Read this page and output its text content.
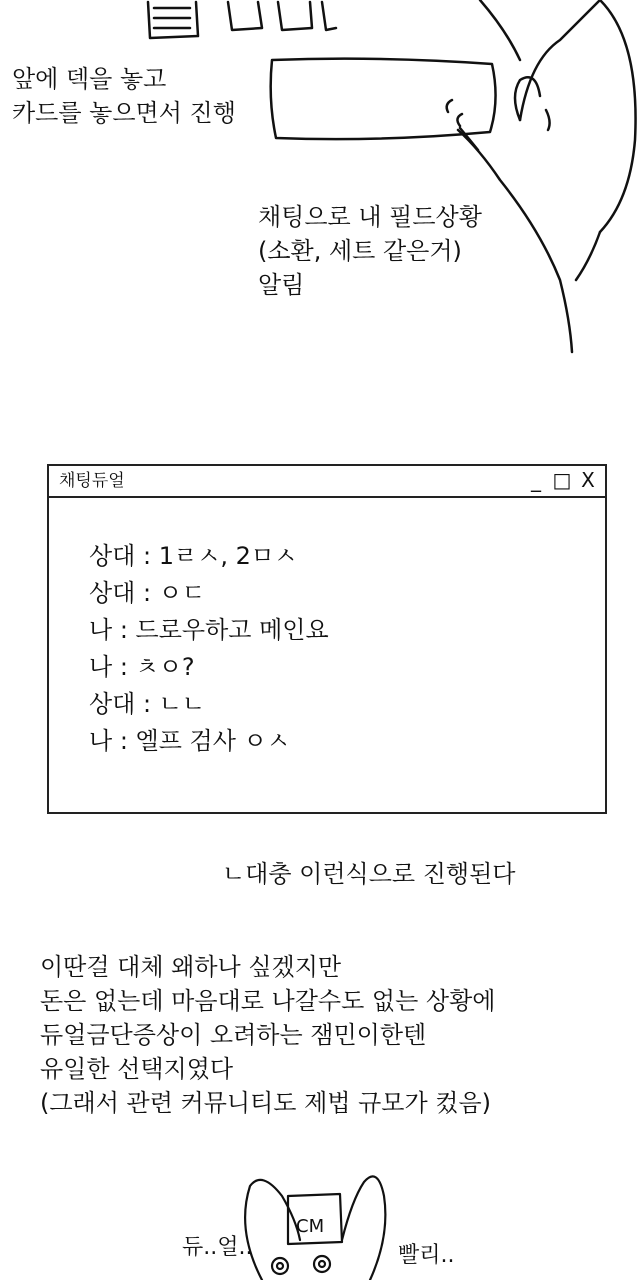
CM
듀..얼..	빨리..
앞에 덱을 놓고
카드를 놓으면서 진행
채팅으로 내 필드상황
(소환, 세트 같은거)
알림
채팅듀얼	_ □ X
상대 : 1ㄹㅅ, 2ㅁㅅ
상대 : ㅇㄷ
나 : 드로우하고 메인요
나 : ㅊㅇ?
상대 : ㄴㄴ
나 : 엘프 검사 ㅇㅅ
ㄴ대충 이런식으로 진행된다
이딴걸 대체 왜하나 싶겠지만
돈은 없는데 마음대로 나갈수도 없는 상황에
듀얼금단증상이 오려하는 잼민이한텐
유일한 선택지였다
(그래서 관련 커뮤니티도 제법 규모가 컸음)
